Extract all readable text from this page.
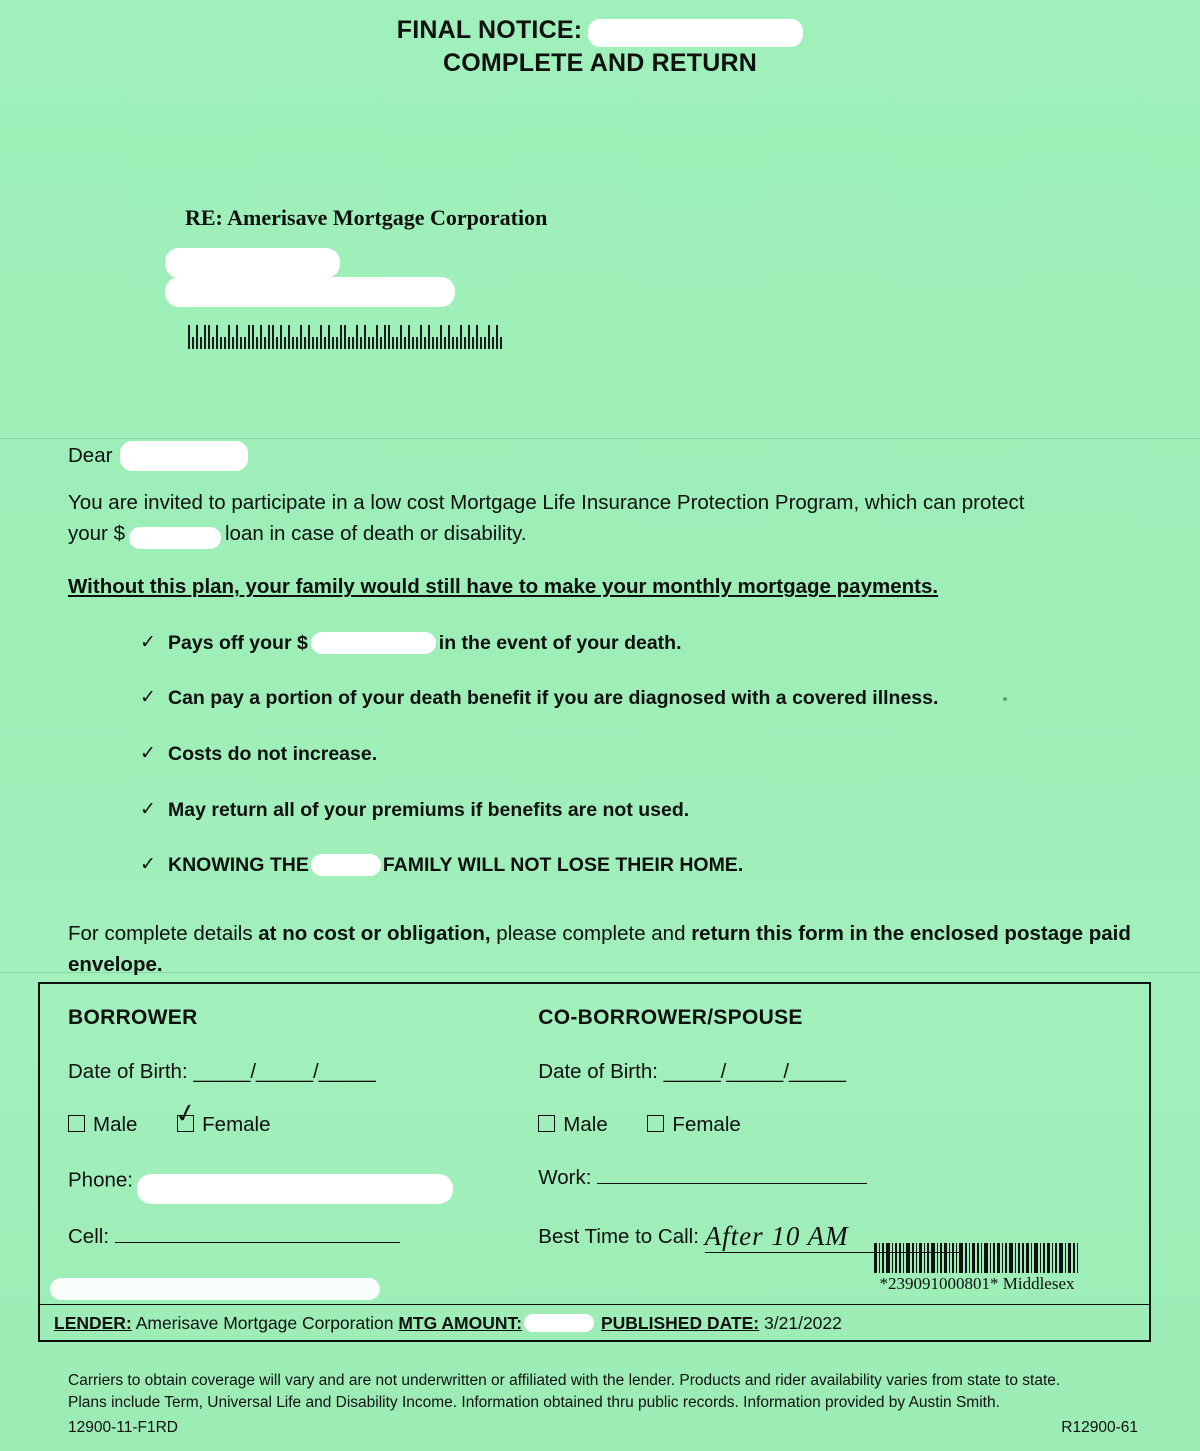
FINAL NOTICE:
COMPLETE AND RETURN
RE: Amerisave Mortgage Corporation
Dear
You are invited to participate in a low cost Mortgage Life Insurance Protection Program, which can protect
your $	loan in case of death or disability.
Without this plan, your family would still have to make your monthly mortgage payments.
✓ Pays off your $	in the event of your death.
✓ Can pay a portion of your death benefit if you are diagnosed with a covered illness.
✓ Costs do not increase.
✓ May return all of your premiums if benefits are not used.
✓ KNOWING THE	FAMILY WILL NOT LOSE THEIR HOME.
For complete details at no cost or obligation, please complete and return this form in the enclosed postage paid envelope.
BORROWER
Date of Birth: _____/_____/_____
Male ✓ Female
Phone:
Cell:
CO-BORROWER/SPOUSE
Date of Birth: _____/_____/_____
Male	Female
Work:
Best Time to Call: After 10 AM
*239091000801* Middlesex
LENDER: Amerisave Mortgage Corporation MTG AMOUNT:	PUBLISHED DATE: 3/21/2022
Carriers to obtain coverage will vary and are not underwritten or affiliated with the lender. Products and rider availability varies from state to state.
Plans include Term, Universal Life and Disability Income. Information obtained thru public records. Information provided by Austin Smith.
12900-11-F1RD	R12900-61
